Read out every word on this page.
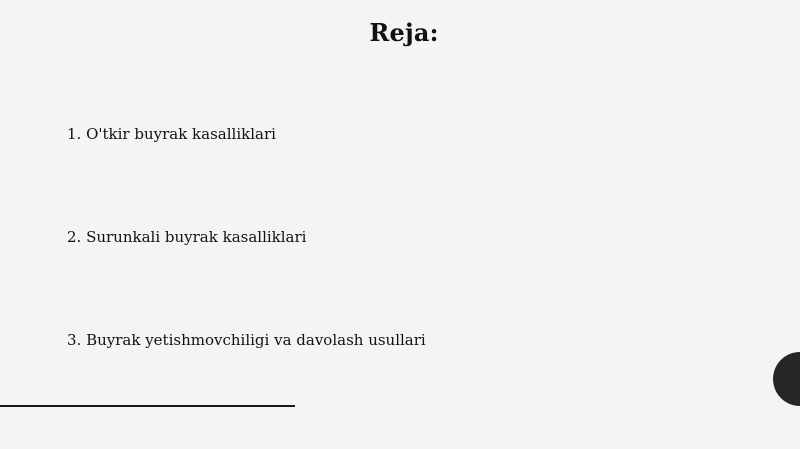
Reja:
1. O'tkir buyrak kasalliklari
2. Surunkali buyrak kasalliklari
3. Buyrak yetishmovchiligi va davolash usullari
